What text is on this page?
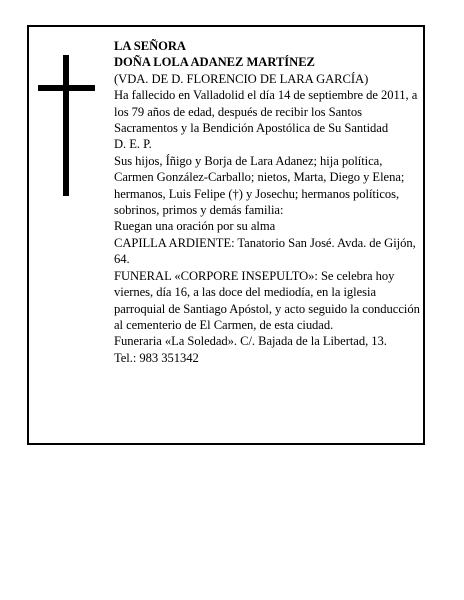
LA SEÑORA

DOÑA LOLA ADANEZ MARTÍNEZ

(VDA. DE D. FLORENCIO DE LARA GARCÍA)

Ha fallecido en Valladolid el día 14 de septiembre de 2011, a los 79 años de edad, después de recibir los Santos Sacramentos y la Bendición Apostólica de Su Santidad

D. E. P.

Sus hijos, Íñigo y Borja de Lara Adanez; hija política, Carmen González-Carballo; nietos, Marta, Diego y Elena; hermanos, Luis Felipe (†) y Josechu; hermanos políticos, sobrinos, primos y demás familia:

Ruegan una oración por su alma

CAPILLA ARDIENTE: Tanatorio San José. Avda. de Gijón, 64.

FUNERAL «CORPORE INSEPULTO»: Se celebra hoy viernes, día 16, a las doce del mediodía, en la iglesia parroquial de Santiago Apóstol, y acto seguido la conducción al cementerio de El Carmen, de esta ciudad.

Funeraria «La Soledad». C/. Bajada de la Libertad, 13.

Tel.: 983 351342
